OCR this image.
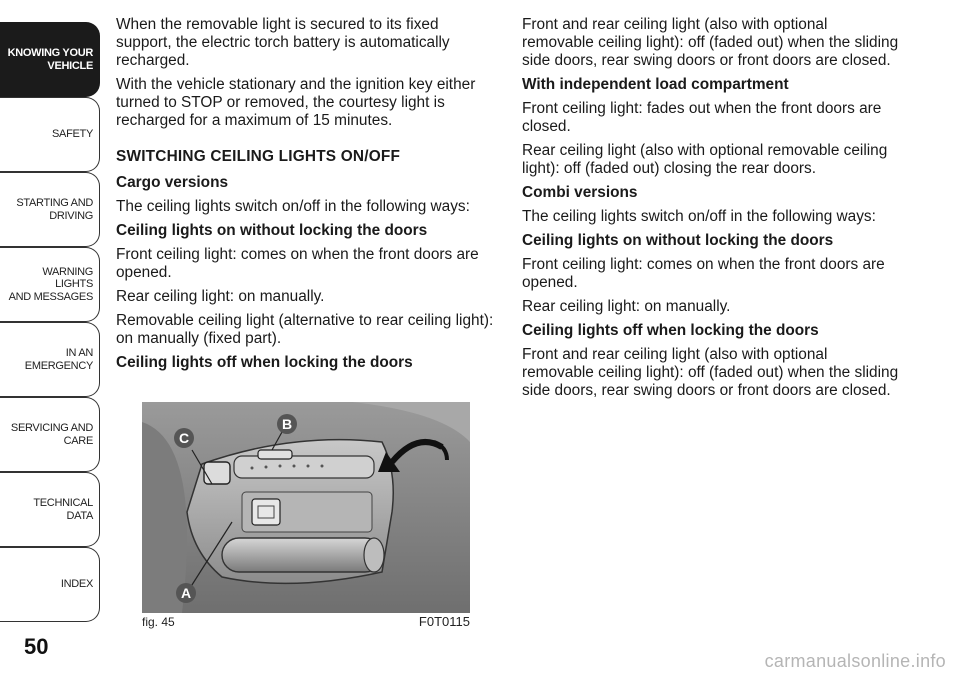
KNOWING YOUR
VEHICLE
SAFETY
STARTING AND
DRIVING
WARNING LIGHTS
AND MESSAGES
IN AN EMERGENCY
SERVICING AND
CARE
TECHNICAL DATA
INDEX
50

When the removable light is secured to its fixed support, the electric torch battery is automatically recharged.

With the vehicle stationary and the ignition key either turned to STOP or removed, the courtesy light is recharged for a maximum of 15 minutes.

SWITCHING CEILING LIGHTS ON/OFF
Cargo versions

The ceiling lights switch on/off in the following ways:

Ceiling lights on without locking the doors

Front ceiling light: comes on when the front doors are opened.

Rear ceiling light: on manually.

Removable ceiling light (alternative to rear ceiling light): on manually (fixed part).

Ceiling lights off when locking the doors

Front and rear ceiling light (also with optional removable ceiling light): off (faded out) when the sliding side doors, rear swing doors or front doors are closed.

With independent load compartment

Front ceiling light: fades out when the front doors are closed.

Rear ceiling light (also with optional removable ceiling light): off (faded out) closing the rear doors.

Combi versions

The ceiling lights switch on/off in the following ways:

Ceiling lights on without locking the doors

Front ceiling light: comes on when the front doors are opened.

Rear ceiling light: on manually.

Ceiling lights off when locking the doors

Front and rear ceiling light (also with optional removable ceiling light): off (faded out) when the sliding side doors, rear swing doors or front doors are closed.

C
B
A
fig. 45	F0T0115
carmanualsonline.info
